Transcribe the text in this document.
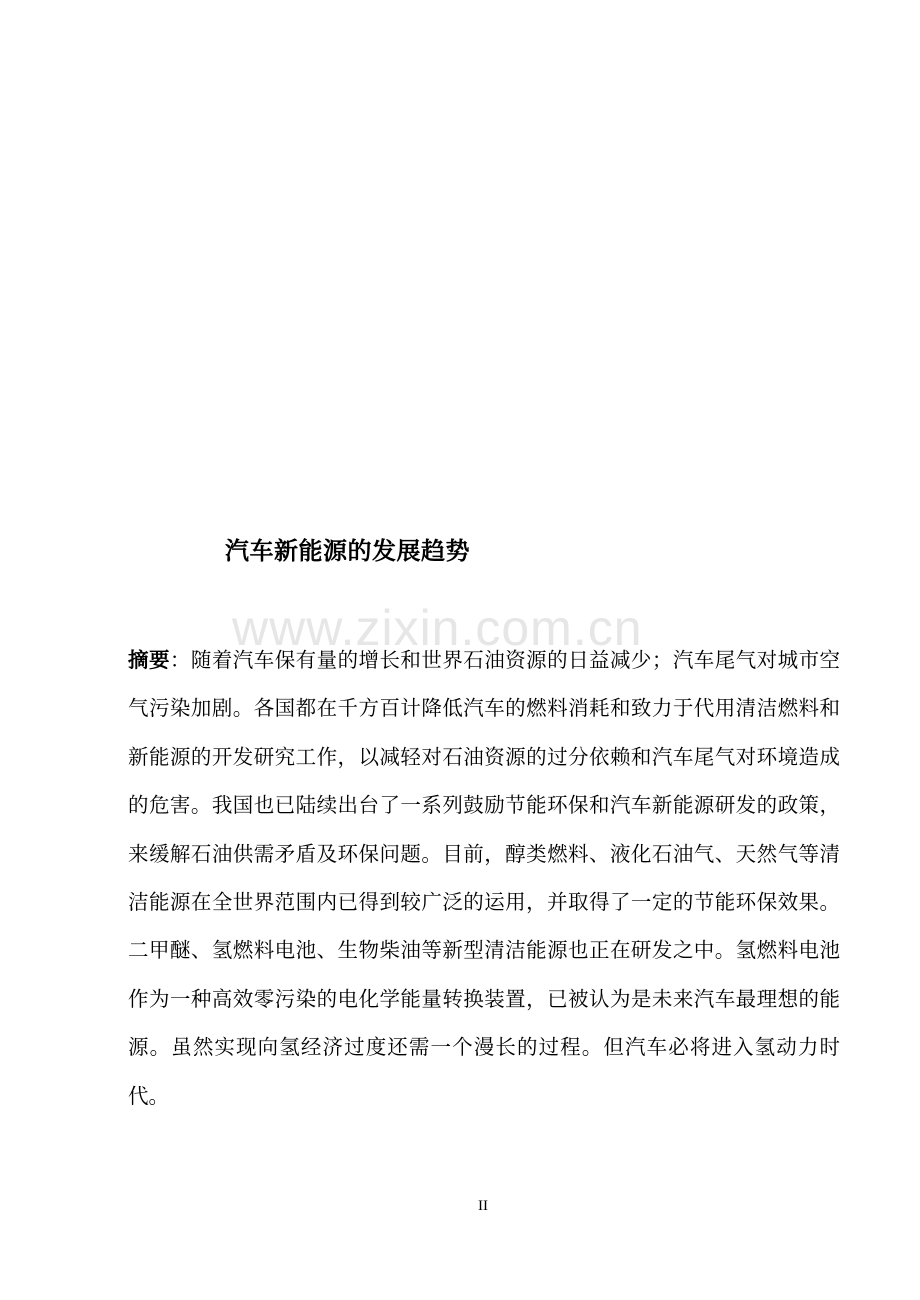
www.zixin.com.cn
汽车新能源的发展趋势

摘要：随着汽车保有量的增长和世界石油资源的日益减少；汽车尾气对城市空气污染加剧。各国都在千方百计降低汽车的燃料消耗和致力于代用清洁燃料和新能源的开发研究工作，以减轻对石油资源的过分依赖和汽车尾气对环境造成的危害。我国也已陆续出台了一系列鼓励节能环保和汽车新能源研发的政策，来缓解石油供需矛盾及环保问题。目前，醇类燃料、液化石油气、天然气等清洁能源在全世界范围内已得到较广泛的运用，并取得了一定的节能环保效果。二甲醚、氢燃料电池、生物柴油等新型清洁能源也正在研发之中。氢燃料电池作为一种高效零污染的电化学能量转换装置，已被认为是未来汽车最理想的能源。虽然实现向氢经济过度还需一个漫长的过程。但汽车必将进入氢动力时代。

II
